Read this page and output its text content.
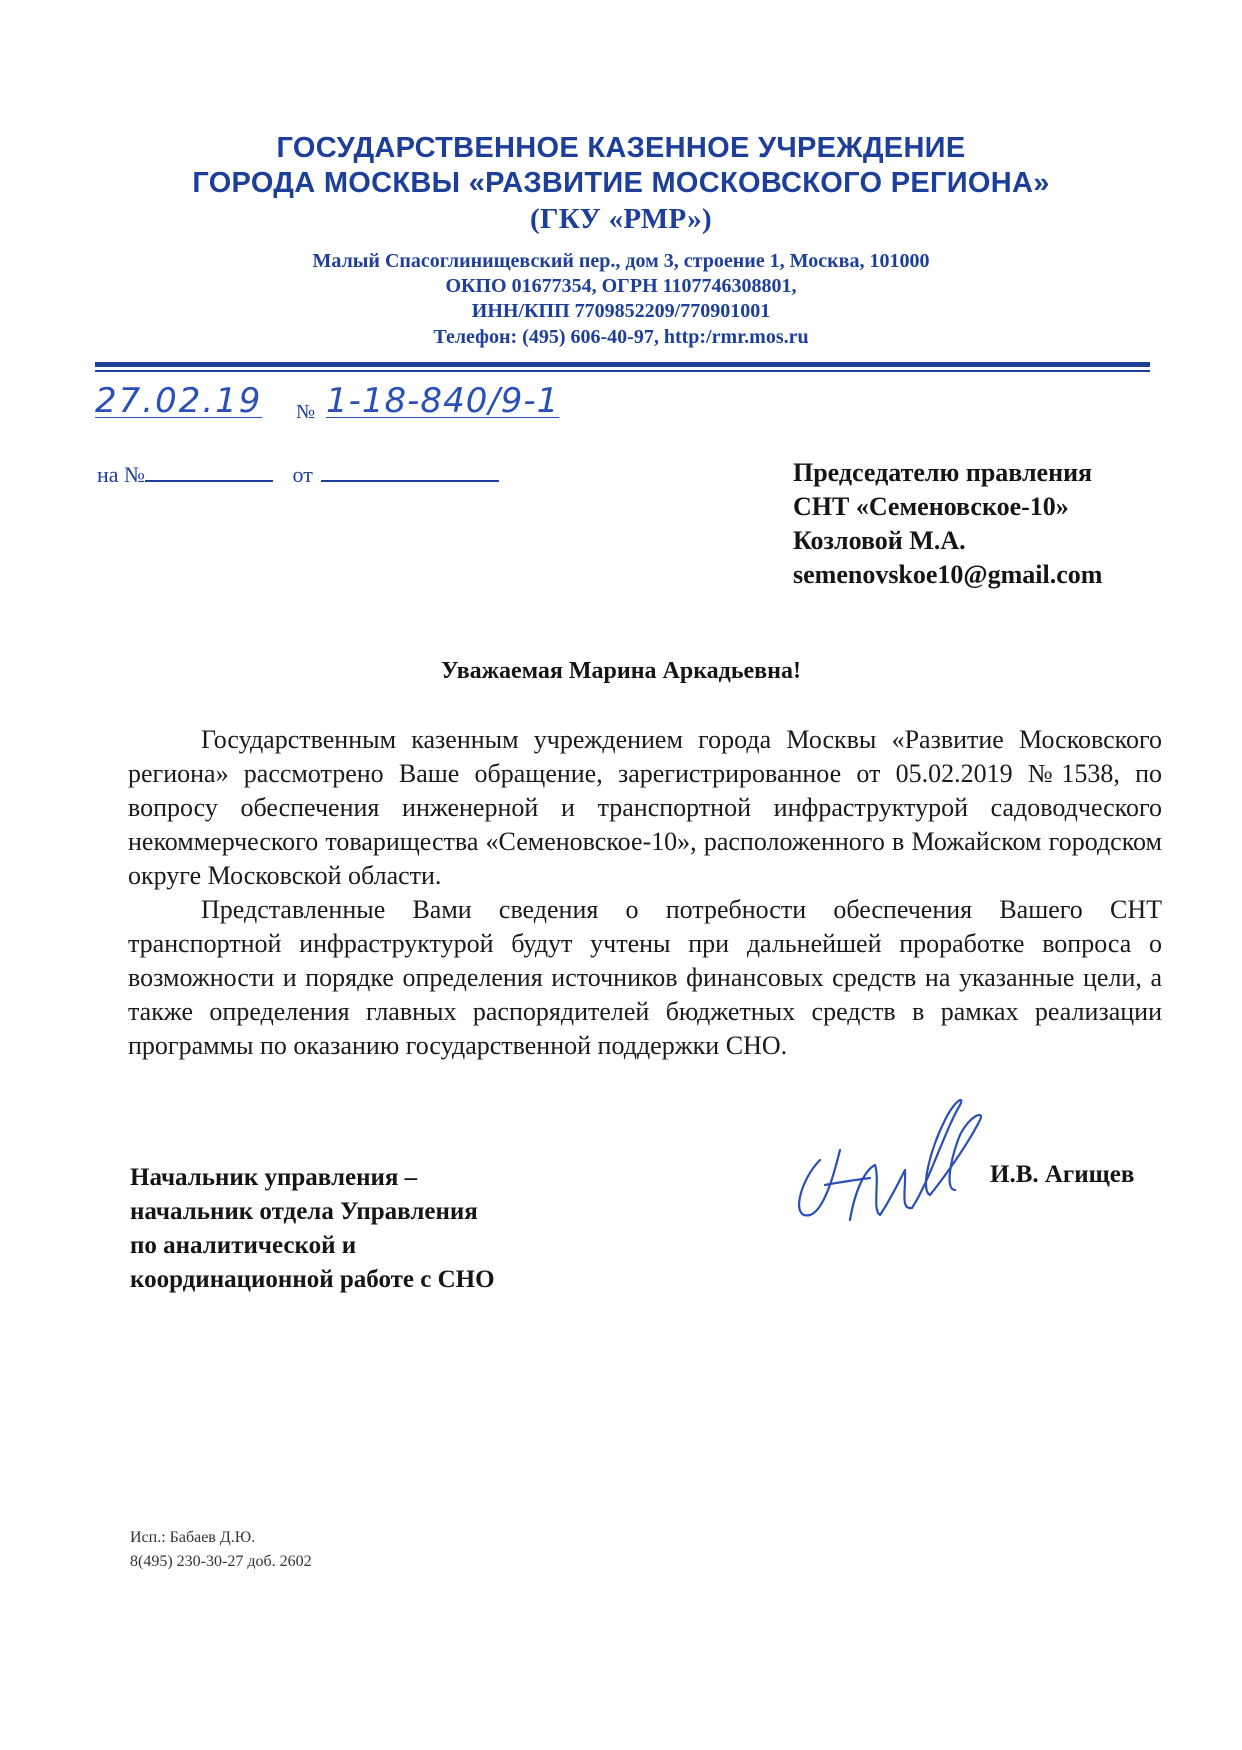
ГОСУДАРСТВЕННОЕ КАЗЕННОЕ УЧРЕЖДЕНИЕ
ГОРОДА МОСКВЫ «РАЗВИТИЕ МОСКОВСКОГО РЕГИОНА»
(ГКУ «РМР»)
Малый Спасоглинищевский пер., дом 3, строение 1, Москва, 101000
ОКПО 01677354, ОГРН 1107746308801,
ИНН/КПП 7709852209/770901001
Телефон: (495) 606-40-97, http:/rmr.mos.ru
27.02.19 № 1-18-840/9-1
на №	от	Председателю правления
СНТ «Семеновское-10»
Козловой М.А.
semenovskoe10@gmail.com
Уважаемая Марина Аркадьевна!

Государственным казенным учреждением города Москвы «Развитие Московского региона» рассмотрено Ваше обращение, зарегистрированное от 05.02.2019 №1538, по вопросу обеспечения инженерной и транспортной инфраструктурой садоводческого некоммерческого товарищества «Семеновское-10», расположенного в Можайском городском округе Московской области.

Представленные Вами сведения о потребности обеспечения Вашего СНТ транспортной инфраструктурой будут учтены при дальнейшей проработке вопроса о возможности и порядке определения источников финансовых средств на указанные цели, а также определения главных распорядителей бюджетных средств в рамках реализации программы по оказанию государственной поддержки СНО.

Начальник управления –
начальник отдела Управления
по аналитической и
координационной работе с СНО
И.В. Агищев
Исп.: Бабаев Д.Ю.
8(495) 230-30-27 доб. 2602
